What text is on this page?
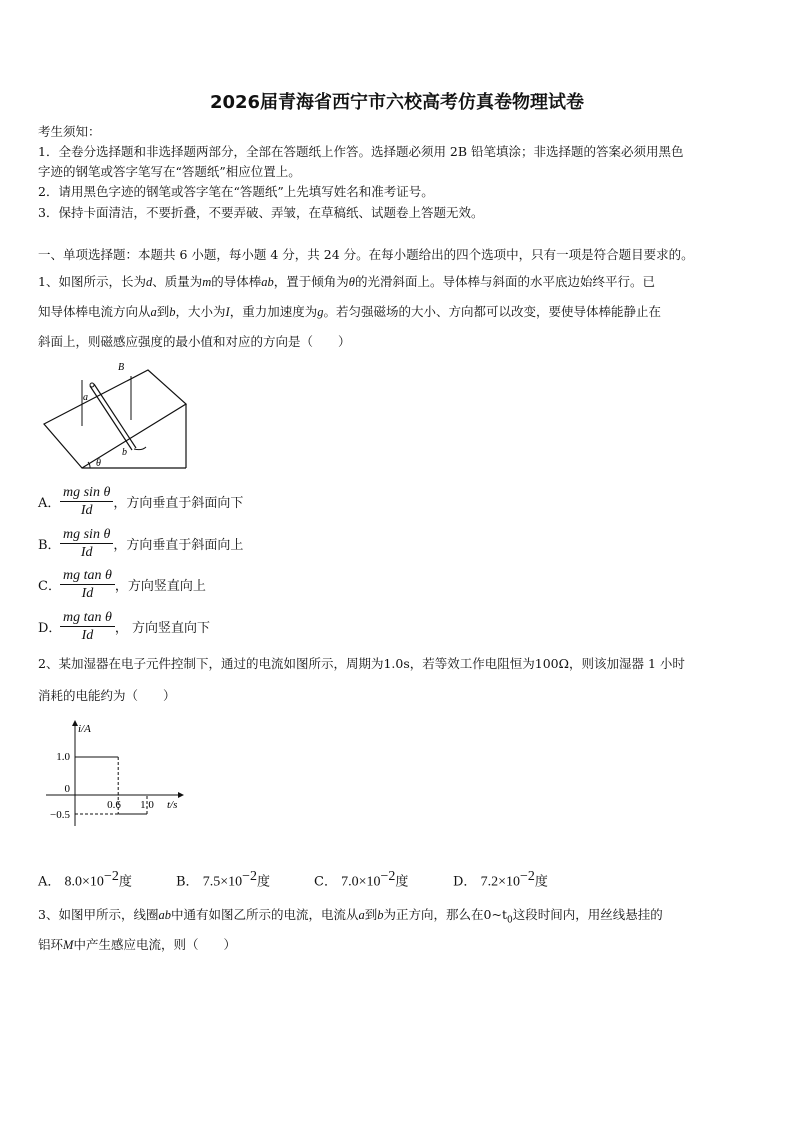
2026届青海省西宁市六校高考仿真卷物理试卷
考生须知：
1．全卷分选择题和非选择题两部分，全部在答题纸上作答。选择题必须用 2B 铅笔填涂；非选择题的答案必须用黑色
字迹的钢笔或答字笔写在“答题纸”相应位置上。
2．请用黑色字迹的钢笔或答字笔在“答题纸”上先填写姓名和准考证号。
3．保持卡面清洁，不要折叠，不要弄破、弄皱，在草稿纸、试题卷上答题无效。
一、单项选择题：本题共 6 小题，每小题 4 分，共 24 分。在每小题给出的四个选项中，只有一项是符合题目要求的。
1、如图所示，长为d、质量为m的导体棒ab，置于倾角为θ的光滑斜面上。导体棒与斜面的水平底边始终平行。已
知导体棒电流方向从a到b，大小为I，重力加速度为g。若匀强磁场的大小、方向都可以改变，要使导体棒能静止在
斜面上，则磁感应强度的最小值和对应的方向是（　　）
B
a
b
θ
A． $\frac{\text{mg sin θ}}{Id}$ ，方向垂直于斜面向下
B． $\frac{\text{mg sin θ}}{Id}$ ，方向垂直于斜面向上
C． $\frac{\text{mg tan θ}}{Id}$ ，方向竖直向上
D．
$\frac{\text{mg tan θ}}{Id}$ ， 方向竖直向下
2、某加湿器在电子元件控制下，通过的电流如图所示，周期为1.0s，若等效工作电阻恒为100Ω，则该加湿器 1 小时
消耗的电能约为（　　）
i/A
t/s
1.0
0
−0.5
0.6 1.0
A． $8.0\times 10^{-2}$度	B． $7.5\times 10^{-2}$度	C． $7.0\times 10^{-2}$度	D． $7.2\times 10^{-2}$度
3、如图甲所示，线圈ab中通有如图乙所示的电流，电流从a到b为正方向，那么在$0\sim t_0$这段时间内，用丝线悬挂的
铝环M中产生感应电流，则（　　）
